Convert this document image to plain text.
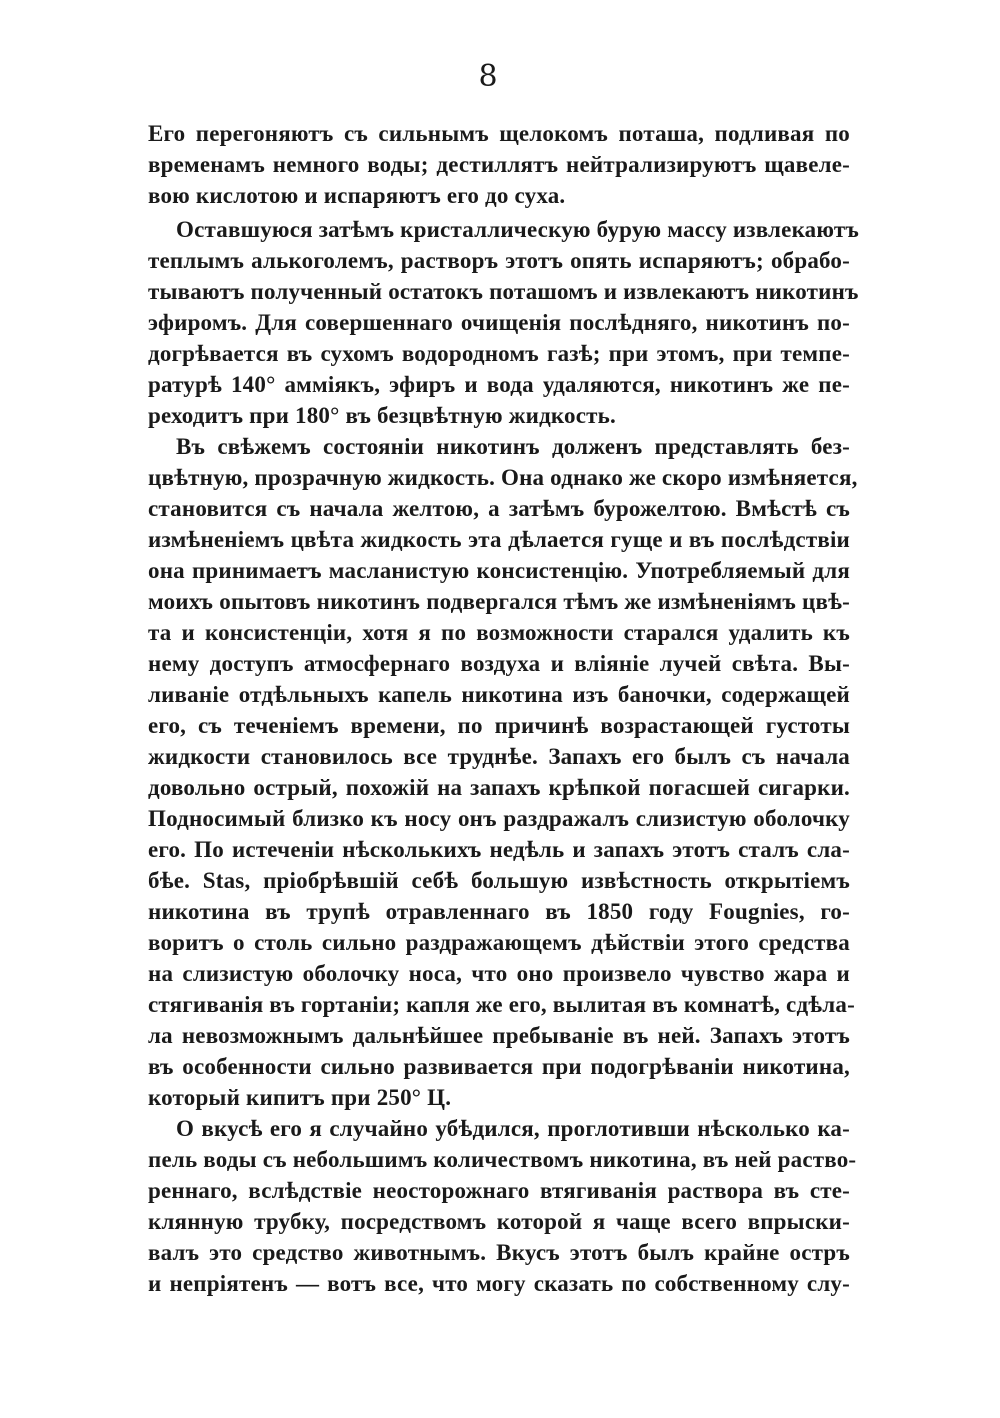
8
Его перегоняютъ съ сильнымъ щелокомъ поташа, подливая по
временамъ немного воды; дестиллятъ нейтрализируютъ щавеле-
вою кислотою и испаряютъ его до суха.
Оставшуюся затѣмъ кристаллическую бурую массу извлекаютъ
теплымъ алькоголемъ, растворъ этотъ опять испаряютъ; обрабо-
тываютъ полученный остатокъ поташомъ и извлекаютъ никотинъ
эфиромъ. Для совершеннаго очищенія послѣдняго, никотинъ по-
догрѣвается въ сухомъ водородномъ газѣ; при этомъ, при темпе-
ратурѣ 140° аммiякъ, эфиръ и вода удаляются, никотинъ же пе-
реходитъ при 180° въ безцвѣтную жидкость.
Въ свѣжемъ состояніи никотинъ долженъ представлять без-
цвѣтную, прозрачную жидкость. Она однако же скоро измѣняется,
становится съ начала желтою, а затѣмъ бурожелтою. Вмѣстѣ съ
измѣненіемъ цвѣта жидкость эта дѣлается гуще и въ послѣдствіи
она принимаетъ масланистую консистенцію. Употребляемый для
моихъ опытовъ никотинъ подвергался тѣмъ же измѣненіямъ цвѣ-
та и консистенціи, хотя я по возможности старался удалить къ
нему доступъ атмосфернаго воздуха и вліяніе лучей свѣта. Вы-
ливаніе отдѣльныхъ капель никотина изъ баночки, содержащей
его, съ теченіемъ времени, по причинѣ возрастающей густоты
жидкости становилось все труднѣе. Запахъ его былъ съ начала
довольно острый, похожій на запахъ крѣпкой погасшей сигарки.
Подносимый близко къ носу онъ раздражалъ слизистую оболочку
его. По истеченіи нѣсколькихъ недѣль и запахъ этотъ сталъ сла-
бѣе. Stas, пріобрѣвшій себѣ большую извѣстность открытіемъ
никотина въ трупѣ отравленнаго въ 1850 году Fougnies, го-
воритъ о столь сильно раздражающемъ дѣйствіи этого средства
на слизистую оболочку носа, что оно произвело чувство жара и
стягиванія въ гортаніи; капля же его, вылитая въ комнатѣ, сдѣла-
ла невозможнымъ дальнѣйшее пребываніе въ ней. Запахъ этотъ
въ особенности сильно развивается при подогрѣваніи никотина,
который кипитъ при 250° Ц.
О вкусѣ его я случайно убѣдился, проглотивши нѣсколько ка-
пель воды съ небольшимъ количествомъ никотина, въ ней раство-
реннаго, вслѣдствіе неосторожнаго втягиванія раствора въ сте-
клянную трубку, посредствомъ которой я чаще всего впрыски-
валъ это средство животнымъ. Вкусъ этотъ былъ крайне остръ
и непріятенъ — вотъ все, что могу сказать по собственному слу-
